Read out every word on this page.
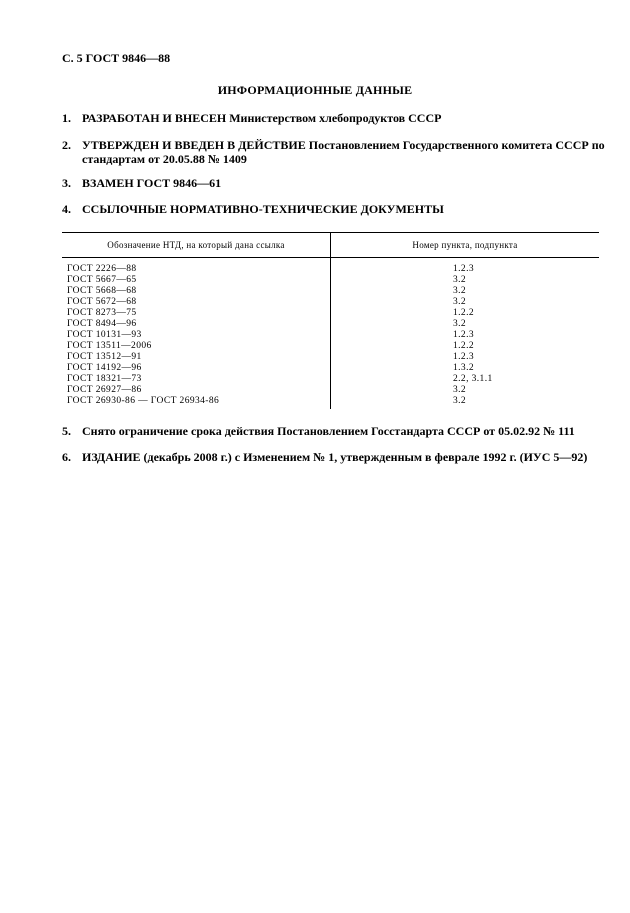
С. 5 ГОСТ 9846—88
ИНФОРМАЦИОННЫЕ ДАННЫЕ
1. РАЗРАБОТАН И ВНЕСЕН Министерством хлебопродуктов СССР
2. УТВЕРЖДЕН И ВВЕДЕН В ДЕЙСТВИЕ Постановлением Государственного комитета СССР по стандартам от 20.05.88 № 1409
3. ВЗАМЕН ГОСТ 9846—61
4. ССЫЛОЧНЫЕ НОРМАТИВНО-ТЕХНИЧЕСКИЕ ДОКУМЕНТЫ
Обозначение НТД, на который дана ссылка	Номер пункта, подпункта
ГОСТ 2226—88	1.2.3
ГОСТ 5667—65	3.2
ГОСТ 5668—68	3.2
ГОСТ 5672—68	3.2
ГОСТ 8273—75	1.2.2
ГОСТ 8494—96	3.2
ГОСТ 10131—93	1.2.3
ГОСТ 13511—2006	1.2.2
ГОСТ 13512—91	1.2.3
ГОСТ 14192—96	1.3.2
ГОСТ 18321—73	2.2, 3.1.1
ГОСТ 26927—86	3.2
ГОСТ 26930-86 — ГОСТ 26934-86	3.2
5. Снято ограничение срока действия Постановлением Госстандарта СССР от 05.02.92 № 111
6. ИЗДАНИЕ (декабрь 2008 г.) с Изменением № 1, утвержденным в феврале 1992 г. (ИУС 5—92)
